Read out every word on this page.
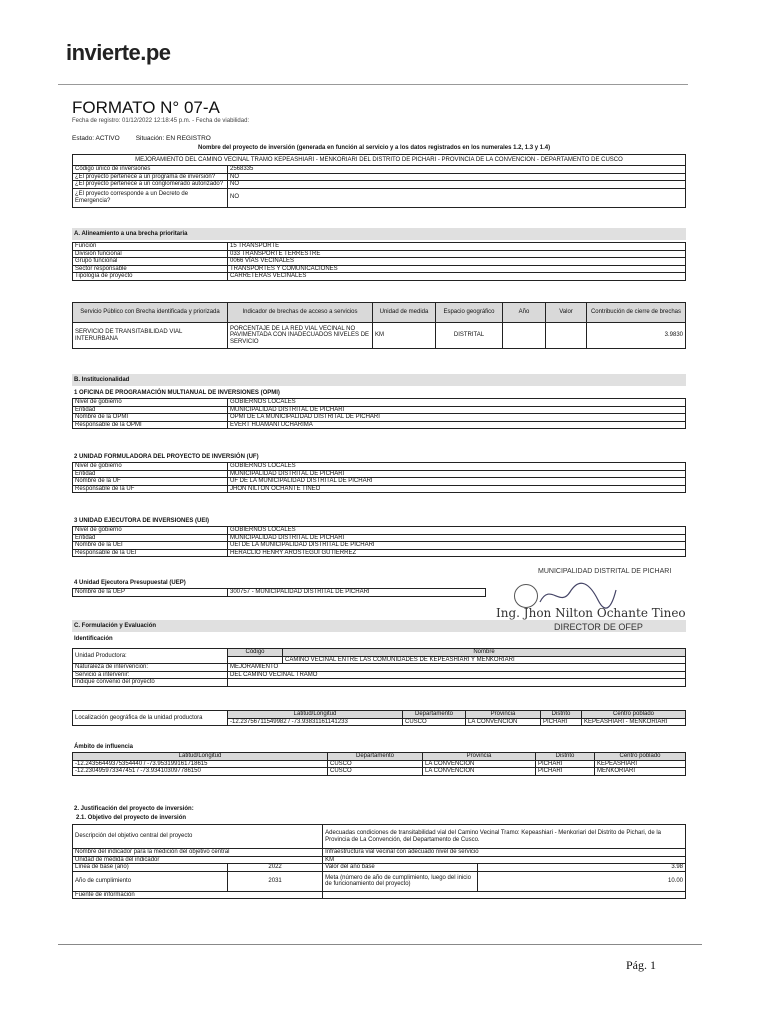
invierte.pe
FORMATO N° 07-A
Fecha de registro: 01/12/2022 12:18:45 p.m. - Fecha de viabilidad:
Estado: ACTIVO Situación: EN REGISTRO
Nombre del proyecto de inversión (generada en función al servicio y a los datos registrados en los numerales 1.2, 1.3 y 1.4)
MEJORAMIENTO DEL CAMINO VECINAL TRAMO KEPEASHIARI - MENKORIARI DEL DISTRITO DE PICHARI - PROVINCIA DE LA CONVENCION - DEPARTAMENTO DE CUSCO	
Código único de inversiones	2568335
¿El proyecto pertenece a un programa de inversión?	NO
¿El proyecto pertenece a un conglomerado autorizado?	NO
¿El proyecto corresponde a un Decreto de Emergencia?	NO
A. Alineamiento a una brecha prioritaria
Función	15 TRANSPORTE
División funcional	033 TRANSPORTE TERRESTRE
Grupo funcional	0066 VÍAS VECINALES
Sector responsable	TRANSPORTES Y COMUNICACIONES
Tipología de proyecto	CARRETERAS VECINALES
Servicio Público con Brecha identificada y priorizada	Indicador de brechas de acceso a servicios	Unidad de medida	Espacio geográfico	Año	Valor	Contribución de cierre de brechas
SERVICIO DE TRANSITABILIDAD VIAL INTERURBANA	PORCENTAJE DE LA RED VIAL VECINAL NO PAVIMENTADA CON INADECUADOS NIVELES DE SERVICIO	KM	DISTRITAL			3.9830
B. Institucionalidad
1 OFICINA DE PROGRAMACIÓN MULTIANUAL DE INVERSIONES (OPMI)
Nivel de gobierno	GOBIERNOS LOCALES
Entidad	MUNICIPALIDAD DISTRITAL DE PICHARI
Nombre de la OPMI	OPMI DE LA MUNICIPALIDAD DISTRITAL DE PICHARI
Responsable de la OPMI	EVERT HUAMANI UCHARIMA
2 UNIDAD FORMULADORA DEL PROYECTO DE INVERSIÓN (UF)
Nivel de gobierno	GOBIERNOS LOCALES
Entidad	MUNICIPALIDAD DISTRITAL DE PICHARI
Nombre de la UF	UF DE LA MUNICIPALIDAD DISTRITAL DE PICHARI
Responsable de la UF	JHON NILTON OCHANTE TINEO
3 UNIDAD EJECUTORA DE INVERSIONES (UEI)
Nivel de gobierno	GOBIERNOS LOCALES
Entidad	MUNICIPALIDAD DISTRITAL DE PICHARI
Nombre de la UEI	UEI DE LA MUNICIPALIDAD DISTRITAL DE PICHARI
Responsable de la UEI	HERACLIO HENRY AROSTEGUI GUTIERREZ
4 Unidad Ejecutora Presupuestal (UEP)
Nombre de la UEP	300757 - MUNICIPALIDAD DISTRITAL DE PICHARI
C. Formulación y Evaluación
Identificación
Unidad Productora:	Código	Nombre
		CAMINO VECINAL ENTRE LAS COMUNIDADES DE KEPEASHIARI Y MENKORIARI
Naturaleza de intervención:	MEJORAMIENTO	
Servicio a intervenir:	DEL CAMINO VECINAL TRAMO	
Indique convenio del proyecto		
Localización geográfica de la unidad productora	Latitud/Longitud	Departamento	Provincia	Distrito	Centro poblado
	-12.23756711549982 / -73.93831161141233	CUSCO	LA CONVENCION	PICHARI	KEPEASHIARI - MENKORIARI
Ámbito de influencia
Latitud/Longitud	Departamento	Provincia	Distrito	Centro poblado
-12.24356449375354440 / -73.953199161718615	CUSCO	LA CONVENCION	PICHARI	KEPEASHIARI
-12.230495973347451 / -73.934103097786150	CUSCO	LA CONVENCION	PICHARI	MENKORIARI
2. Justificación del proyecto de inversión:
2.1. Objetivo del proyecto de inversión
Descripción del objetivo central del proyecto		Adecuadas condiciones de transitabilidad vial del Camino Vecinal Tramo: Kepeashiari - Menkoriari del Distrito de Pichari, de la Provincia de La Convención, del Departamento de Cusco.	
Nombre del indicador para la medición del objetivo central		Infraestructura vial vecinal con adecuado nivel de servicio	
Unidad de medida del indicador		KM	
Línea de base (año)	2022	Valor del año base	3.98
Año de cumplimiento	2031	Meta (número de año de cumplimiento, luego del inicio de funcionamiento del proyecto)	10.00
Fuente de información			
MUNICIPALIDAD DISTRITAL DE PICHARI
Ing. Jhon Nilton Ochante Tineo
DIRECTOR DE OFEP
Pág. 1
